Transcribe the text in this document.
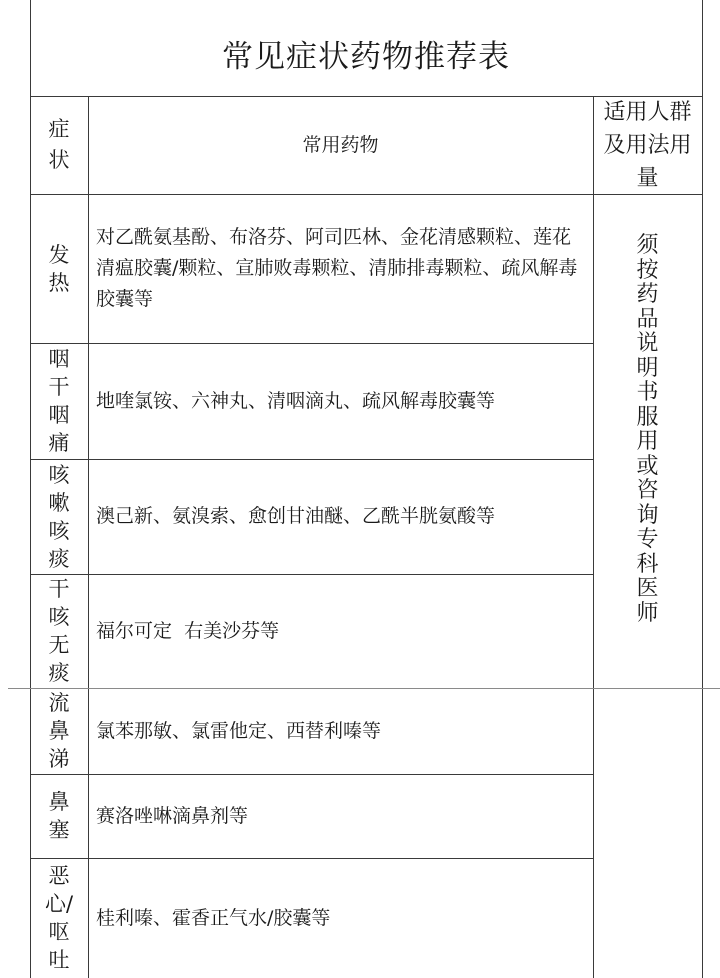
常见症状药物推荐表
症状
常用药物
适用人群及用法用量
发热
对乙酰氨基酚、布洛芬、阿司匹林、金花清感颗粒、莲花清瘟胶囊/颗粒、宣肺败毒颗粒、清肺排毒颗粒、疏风解毒胶囊等
咽干咽痛
地喹氯铵、六神丸、清咽滴丸、疏风解毒胶囊等
咳嗽咳痰
澳己新、氨溴索、愈创甘油醚、乙酰半胱氨酸等
干咳无痰
福尔可定  右美沙芬等
流鼻涕
氯苯那敏、氯雷他定、西替利嗪等
鼻塞
赛洛唑啉滴鼻剂等
恶心/呕吐
桂利嗪、霍香正气水/胶囊等
须按药品说明书服用或咨询专科医师
